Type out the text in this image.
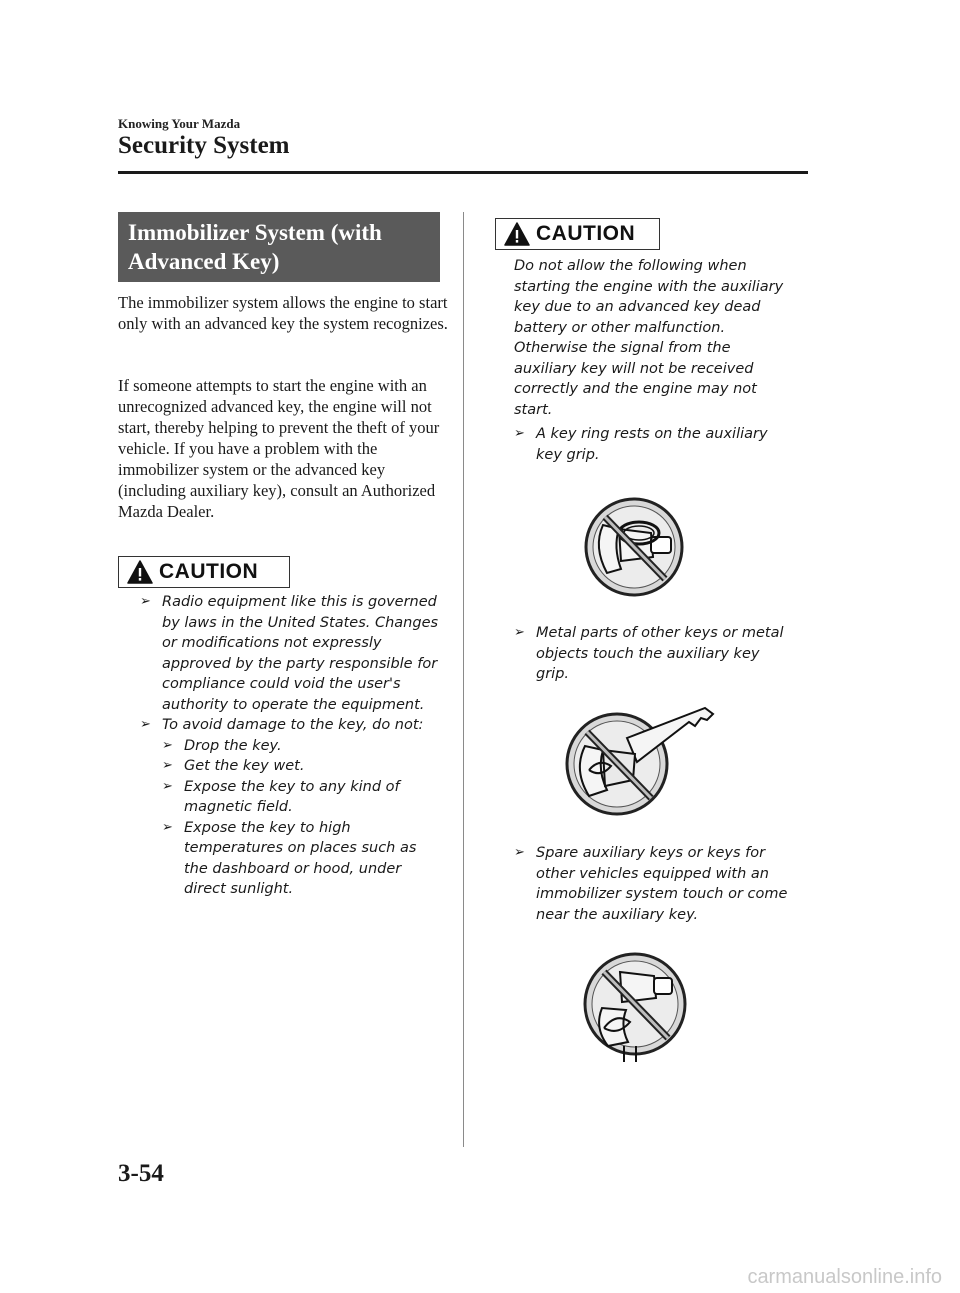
Knowing Your Mazda
Security System
Immobilizer System (with Advanced Key)

The immobilizer system allows the engine to start only with an advanced key the system recognizes.

If someone attempts to start the engine with an unrecognized advanced key, the engine will not start, thereby helping to prevent the theft of your vehicle. If you have a problem with the immobilizer system or the advanced key (including auxiliary key), consult an Authorized Mazda Dealer.

CAUTION
➢ Radio equipment like this is governed by laws in the United States. Changes or modifications not expressly approved by the party responsible for compliance could void the user's authority to operate the equipment.
➢ To avoid damage to the key, do not:
➢ Drop the key.
➢ Get the key wet.
➢ Expose the key to any kind of magnetic field.
➢ Expose the key to high temperatures on places such as the dashboard or hood, under direct sunlight.
CAUTION

Do not allow the following when starting the engine with the auxiliary key due to an advanced key dead battery or other malfunction. Otherwise the signal from the auxiliary key will not be received correctly and the engine may not start.

➢ A key ring rests on the auxiliary key grip.
➢ Metal parts of other keys or metal objects touch the auxiliary key grip.
➢ Spare auxiliary keys or keys for other vehicles equipped with an immobilizer system touch or come near the auxiliary key.
3-54
carmanualsonline.info
